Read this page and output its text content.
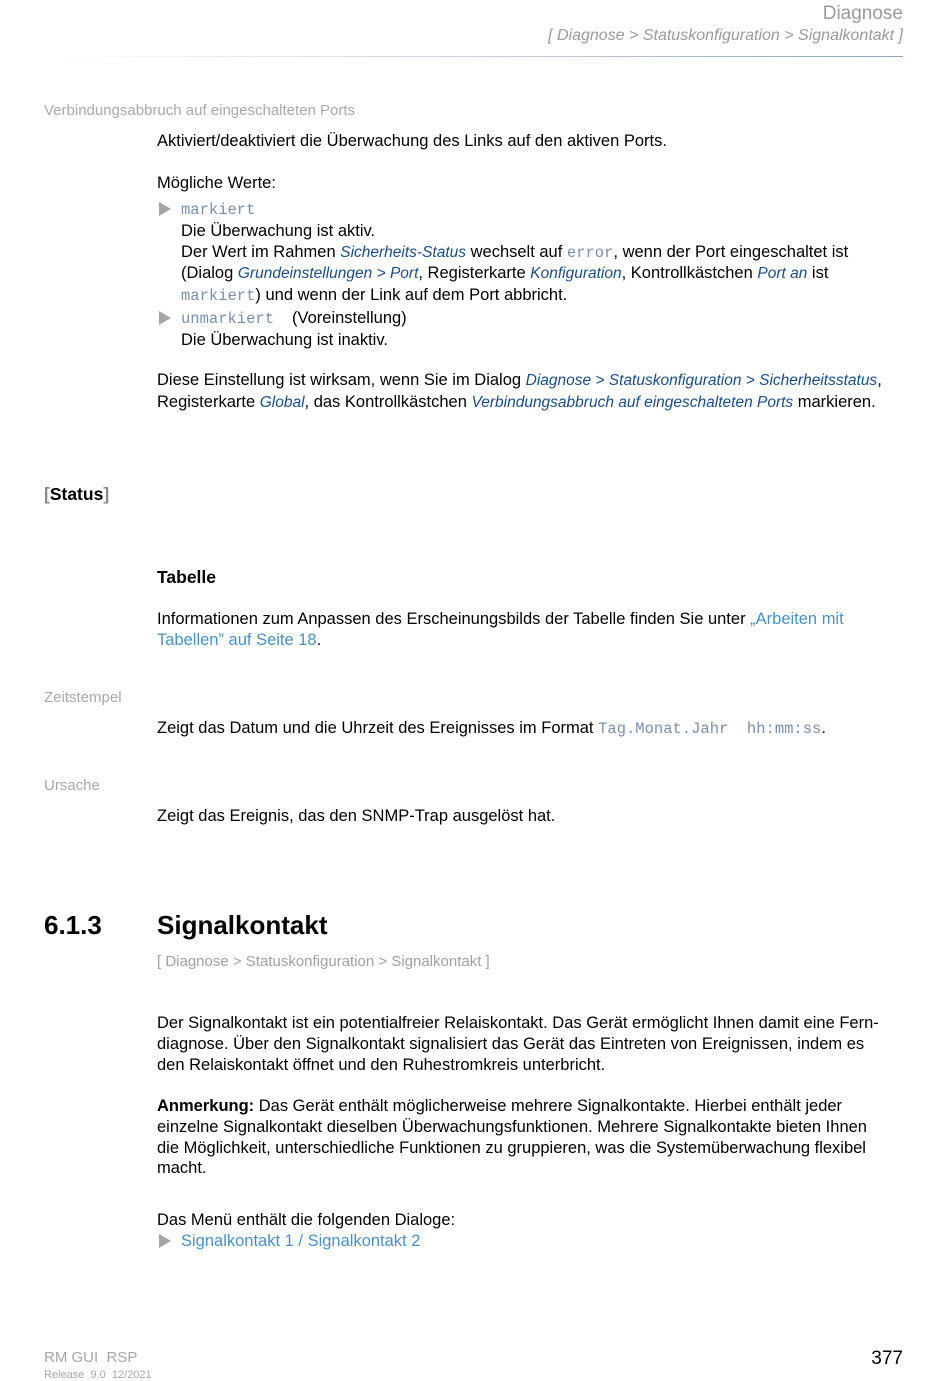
Diagnose
[ Diagnose > Statuskonfiguration > Signalkontakt ]
Verbindungsabbruch auf eingeschalteten Ports
Aktiviert/deaktiviert die Überwachung des Links auf den aktiven Ports.
Mögliche Werte:
markiert
Die Überwachung ist aktiv.
Der Wert im Rahmen Sicherheits-Status wechselt auf error, wenn der Port eingeschaltet ist
(Dialog Grundeinstellungen > Port, Registerkarte Konfiguration, Kontrollkästchen Port an ist
markiert) und wenn der Link auf dem Port abbricht.
unmarkiert (Voreinstellung)
Die Überwachung ist inaktiv.
Diese Einstellung ist wirksam, wenn Sie im Dialog Diagnose > Statuskonfiguration > Sicherheitsstatus,
Registerkarte Global, das Kontrollkästchen Verbindungsabbruch auf eingeschalteten Ports markieren.
[Status]
Tabelle
Informationen zum Anpassen des Erscheinungsbilds der Tabelle finden Sie unter „Arbeiten mit
Tabellen” auf Seite 18.
Zeitstempel
Zeigt das Datum und die Uhrzeit des Ereignisses im Format Tag.Monat.Jahr  hh:mm:ss.
Ursache
Zeigt das Ereignis, das den SNMP-Trap ausgelöst hat.
6.1.3 Signalkontakt
[ Diagnose > Statuskonfiguration > Signalkontakt ]
Der Signalkontakt ist ein potentialfreier Relaiskontakt. Das Gerät ermöglicht Ihnen damit eine Fern-
diagnose. Über den Signalkontakt signalisiert das Gerät das Eintreten von Ereignissen, indem es
den Relaiskontakt öffnet und den Ruhestromkreis unterbricht.
Anmerkung: Das Gerät enthält möglicherweise mehrere Signalkontakte. Hierbei enthält jeder
einzelne Signalkontakt dieselben Überwachungsfunktionen. Mehrere Signalkontakte bieten Ihnen
die Möglichkeit, unterschiedliche Funktionen zu gruppieren, was die Systemüberwachung flexibel
macht.
Das Menü enthält die folgenden Dialoge:
Signalkontakt 1 / Signalkontakt 2
RM GUI  RSP
Release  9.0  12/2021
377
